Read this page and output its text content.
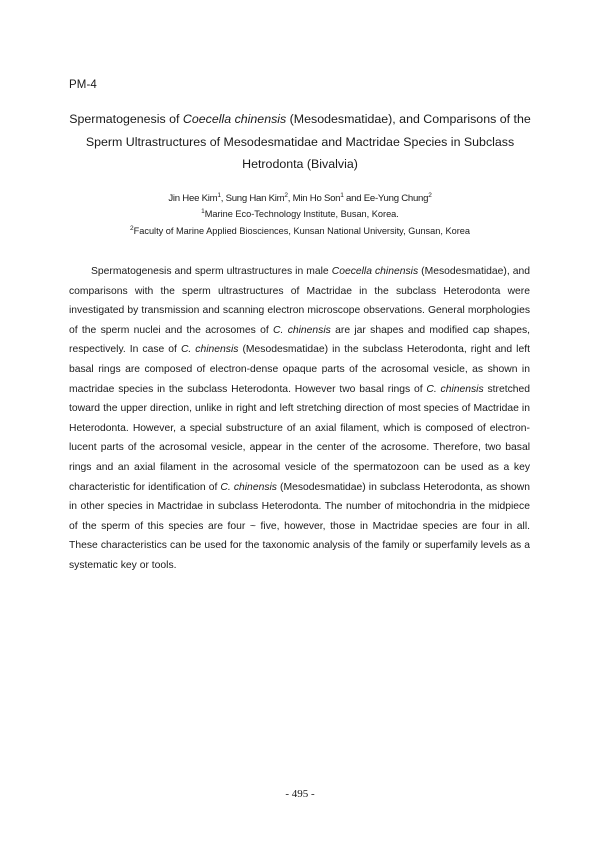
PM-4
Spermatogenesis of Coecella chinensis (Mesodesmatidae), and Comparisons of the Sperm Ultrastructures of Mesodesmatidae and Mactridae Species in Subclass Hetrodonta (Bivalvia)
Jin Hee Kim$^1$, Sung Han Kim$^2$, Min Ho Son$^1$ and Ee-Yung Chung$^2$
$^1$Marine Eco-Technology Institute, Busan, Korea.
$^2$Faculty of Marine Applied Biosciences, Kunsan National University, Gunsan, Korea

Spermatogenesis and sperm ultrastructures in male Coecella chinensis (Mesodesmatidae), and comparisons with the sperm ultrastructures of Mactridae in the subclass Heterodonta were investigated by transmission and scanning electron microscope observations. General morphologies of the sperm nuclei and the acrosomes of C. chinensis are jar shapes and modified cap shapes, respectively. In case of C. chinensis (Mesodesmatidae) in the subclass Heterodonta, right and left basal rings are composed of electron-dense opaque parts of the acrosomal vesicle, as shown in mactridae species in the subclass Heterodonta. However two basal rings of C. chinensis stretched toward the upper direction, unlike in right and left stretching direction of most species of Mactridae in Heterodonta. However, a special substructure of an axial filament, which is composed of electron-lucent parts of the acrosomal vesicle, appear in the center of the acrosome. Therefore, two basal rings and an axial filament in the acrosomal vesicle of the spermatozoon can be used as a key characteristic for identification of C. chinensis (Mesodesmatidae) in subclass Heterodonta, as shown in other species in Mactridae in subclass Heterodonta. The number of mitochondria in the midpiece of the sperm of this species are four ~ five, however, those in Mactridae species are four in all. These characteristics can be used for the taxonomic analysis of the family or superfamily levels as a systematic key or tools.

- 495 -
